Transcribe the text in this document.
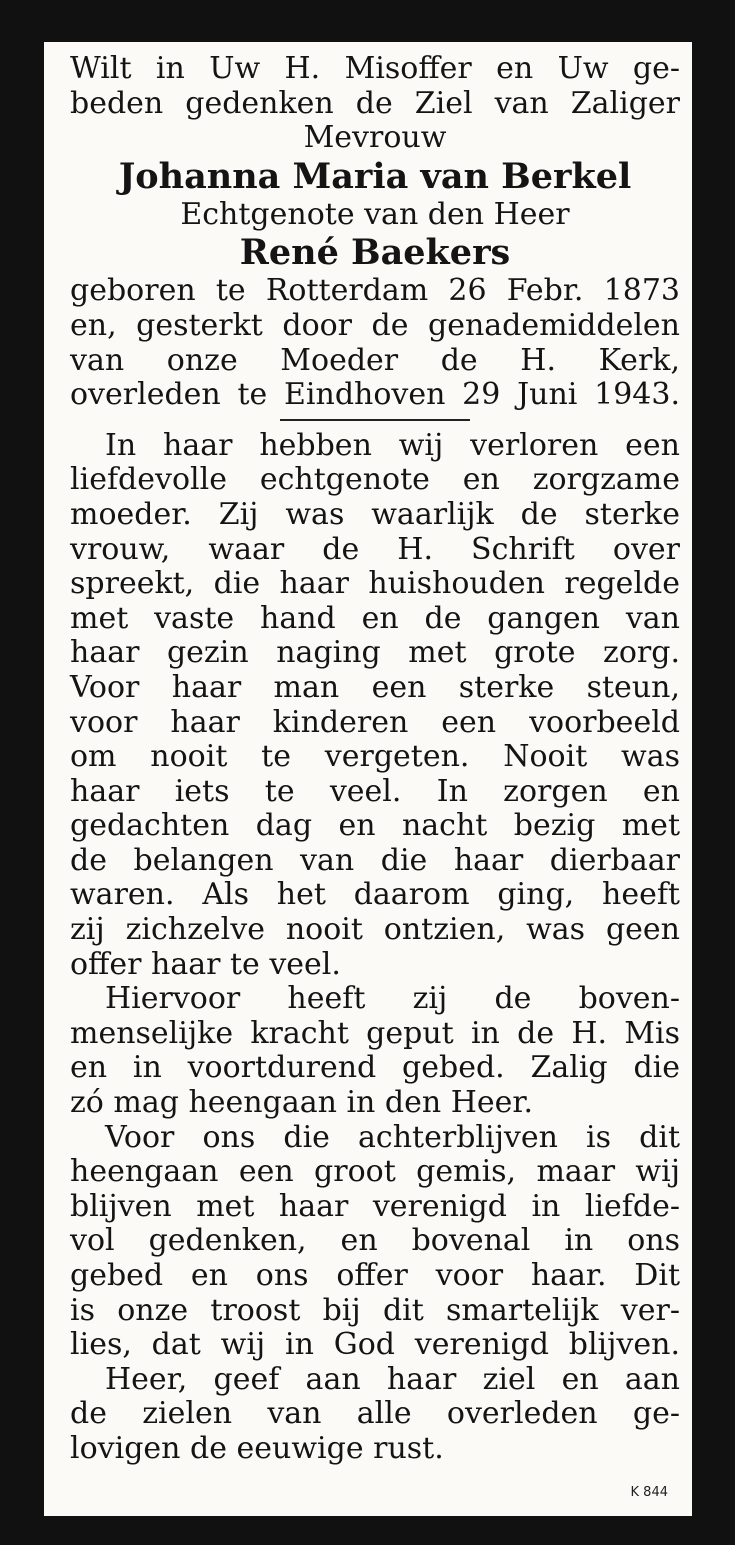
Wilt in Uw H. Misoffer en Uw ge-
beden gedenken de Ziel van Zaliger
Mevrouw
Johanna Maria van Berkel
Echtgenote van den Heer
René Baekers
geboren te Rotterdam 26 Febr. 1873
en, gesterkt door de genademiddelen
van onze Moeder de H. Kerk,
overleden te Eindhoven 29 Juni 1943.
In haar hebben wij verloren een
liefdevolle echtgenote en zorgzame
moeder. Zij was waarlijk de sterke
vrouw, waar de H. Schrift over
spreekt, die haar huishouden regelde
met vaste hand en de gangen van
haar gezin naging met grote zorg.
Voor haar man een sterke steun,
voor haar kinderen een voorbeeld
om nooit te vergeten. Nooit was
haar iets te veel. In zorgen en
gedachten dag en nacht bezig met
de belangen van die haar dierbaar
waren. Als het daarom ging, heeft
zij zichzelve nooit ontzien, was geen
offer haar te veel.
Hiervoor heeft zij de boven-
menselijke kracht geput in de H. Mis
en in voortdurend gebed. Zalig die
zó mag heengaan in den Heer.
Voor ons die achterblijven is dit
heengaan een groot gemis, maar wij
blijven met haar verenigd in liefde-
vol gedenken, en bovenal in ons
gebed en ons offer voor haar. Dit
is onze troost bij dit smartelijk ver-
lies, dat wij in God verenigd blijven.
Heer, geef aan haar ziel en aan
de zielen van alle overleden ge-
lovigen de eeuwige rust.
K 844
